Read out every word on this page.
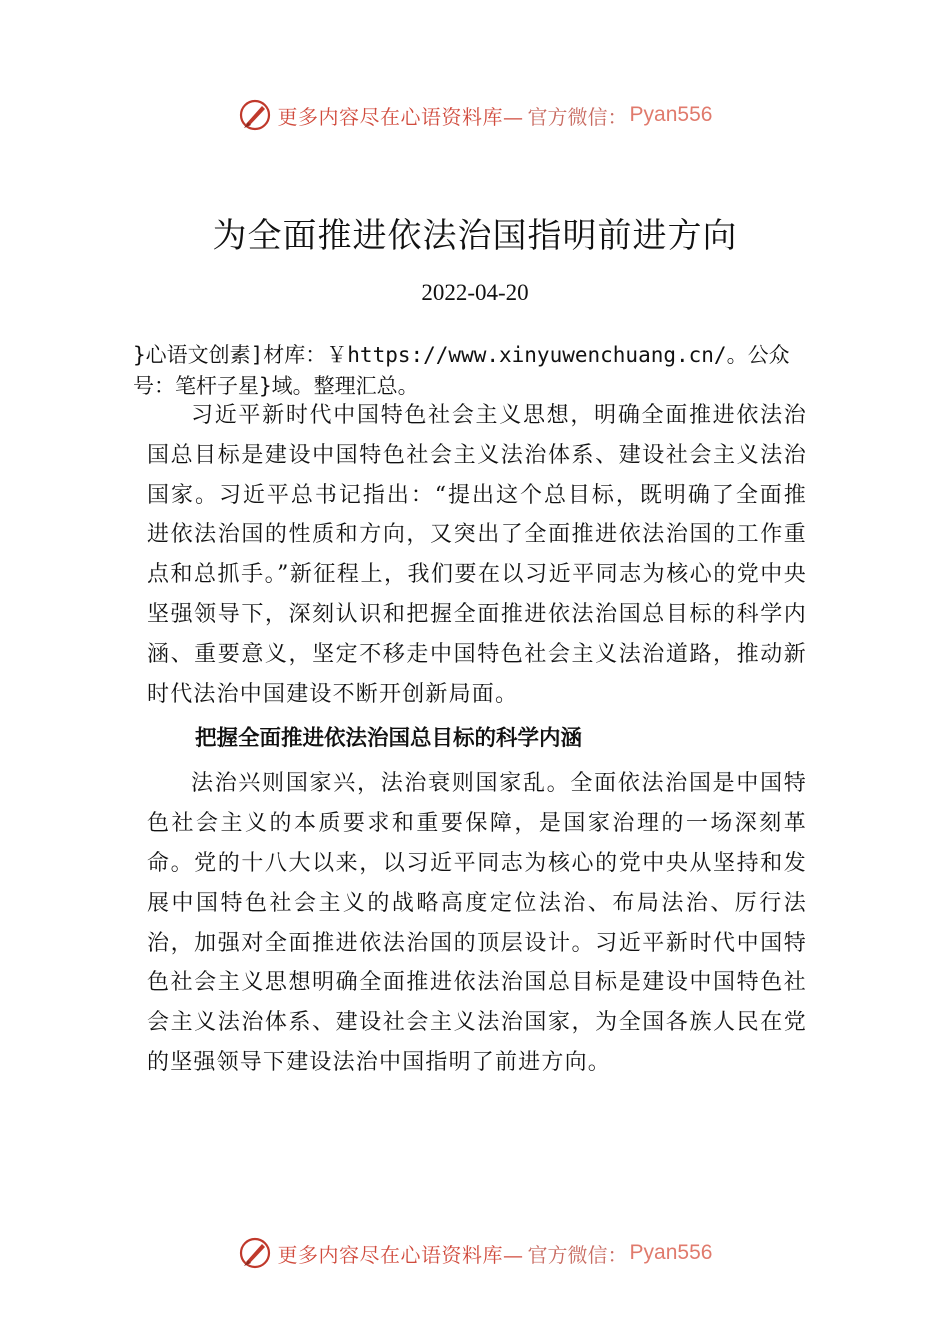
更多内容尽在心语资料库— 官方微信： Pyan556
为全面推进依法治国指明前进方向
2022-04-20
}心语文创素]材库：￥https://www.xinyuwenchuang.cn/。公众号：笔杆子星}域。整理汇总。

习近平新时代中国特色社会主义思想，明确全面推进依法治国总目标是建设中国特色社会主义法治体系、建设社会主义法治国家。习近平总书记指出：“提出这个总目标，既明确了全面推进依法治国的性质和方向，又突出了全面推进依法治国的工作重点和总抓手。”新征程上，我们要在以习近平同志为核心的党中央坚强领导下，深刻认识和把握全面推进依法治国总目标的科学内涵、重要意义，坚定不移走中国特色社会主义法治道路，推动新时代法治中国建设不断开创新局面。

把握全面推进依法治国总目标的科学内涵

法治兴则国家兴，法治衰则国家乱。全面依法治国是中国特色社会主义的本质要求和重要保障，是国家治理的一场深刻革命。党的十八大以来，以习近平同志为核心的党中央从坚持和发展中国特色社会主义的战略高度定位法治、布局法治、厉行法治，加强对全面推进依法治国的顶层设计。习近平新时代中国特色社会主义思想明确全面推进依法治国总目标是建设中国特色社会主义法治体系、建设社会主义法治国家，为全国各族人民在党的坚强领导下建设法治中国指明了前进方向。

更多内容尽在心语资料库— 官方微信： Pyan556
